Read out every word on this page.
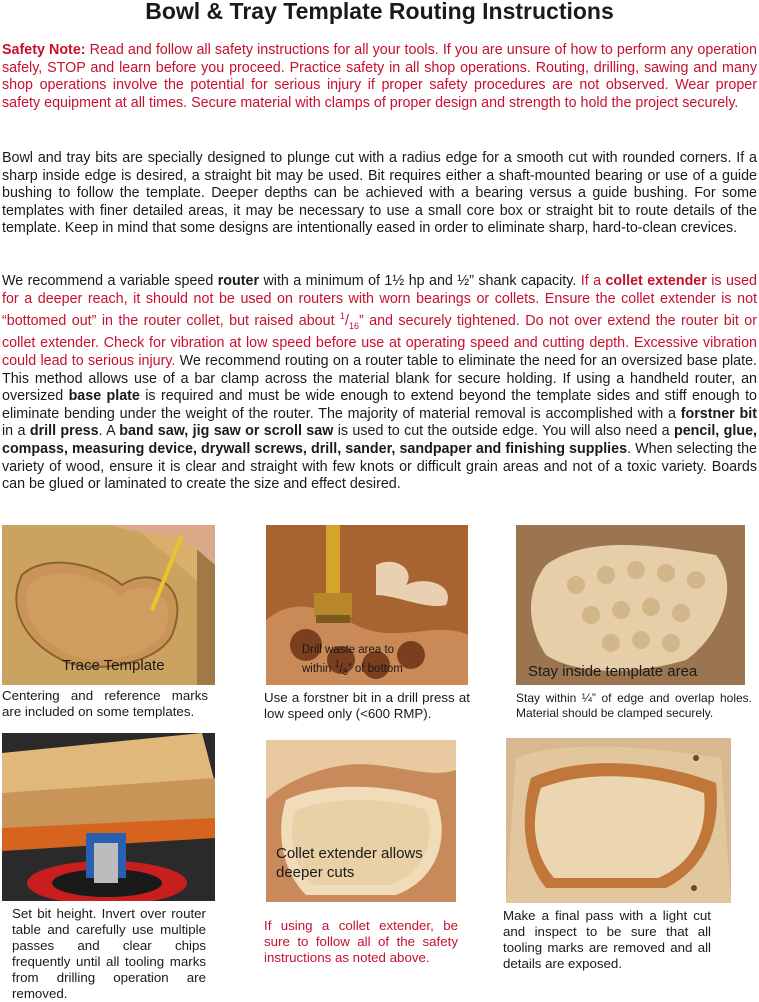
Bowl & Tray Template Routing Instructions

Safety Note: Read and follow all safety instructions for all your tools. If you are unsure of how to perform any operation safely, STOP and learn before you proceed. Practice safety in all shop operations. Routing, drilling, sawing and many shop operations involve the potential for serious injury if proper safety procedures are not observed. Wear proper safety equipment at all times. Secure material with clamps of proper design and strength to hold the project securely.

Bowl and tray bits are specially designed to plunge cut with a radius edge for a smooth cut with rounded corners. If a sharp inside edge is desired, a straight bit may be used. Bit requires either a shaft-mounted bearing or use of a guide bushing to follow the template. Deeper depths can be achieved with a bearing versus a guide bushing. For some templates with finer detailed areas, it may be necessary to use a small core box or straight bit to route details of the template. Keep in mind that some designs are intentionally eased in order to eliminate sharp, hard-to-clean crevices.

We recommend a variable speed router with a minimum of 1½ hp and ½” shank capacity. If a collet extender is used for a deeper reach, it should not be used on routers with worn bearings or collets. Ensure the collet extender is not “bottomed out” in the router collet, but raised about $^1/_{16}$” and securely tightened. Do not over extend the router bit or collet extender. Check for vibration at low speed before use at operating speed and cutting depth. Excessive vibration could lead to serious injury. We recommend routing on a router table to eliminate the need for an oversized base plate. This method allows use of a bar clamp across the material blank for secure holding. If using a handheld router, an oversized base plate is required and must be wide enough to extend beyond the template sides and stiff enough to eliminate bending under the weight of the router. The majority of material removal is accomplished with a forstner bit in a drill press. A band saw, jig saw or scroll saw is used to cut the outside edge. You will also need a pencil, glue, compass, measuring device, drywall screws, drill, sander, sandpaper and finishing supplies. When selecting the variety of wood, ensure it is clear and straight with few knots or difficult grain areas and not of a toxic variety. Boards can be glued or laminated to create the size and effect desired.

Trace Template

Centering and reference marks are included on some templates.

Drill waste area to
within $^1/_8$” of bottom

Use a forstner bit in a drill press at low speed only (<600 RMP).

Stay inside template area

Stay within ¼” of edge and overlap holes. Material should be clamped securely.

Set bit height. Invert over router table and carefully use multiple passes and clear chips frequently until all tooling marks from drilling operation are removed.

Collet extender allows
deeper cuts

If using a collet extender, be sure to follow all of the safety instructions as noted above.

Make a final pass with a light cut and inspect to be sure that all tooling marks are removed and all details are exposed.
